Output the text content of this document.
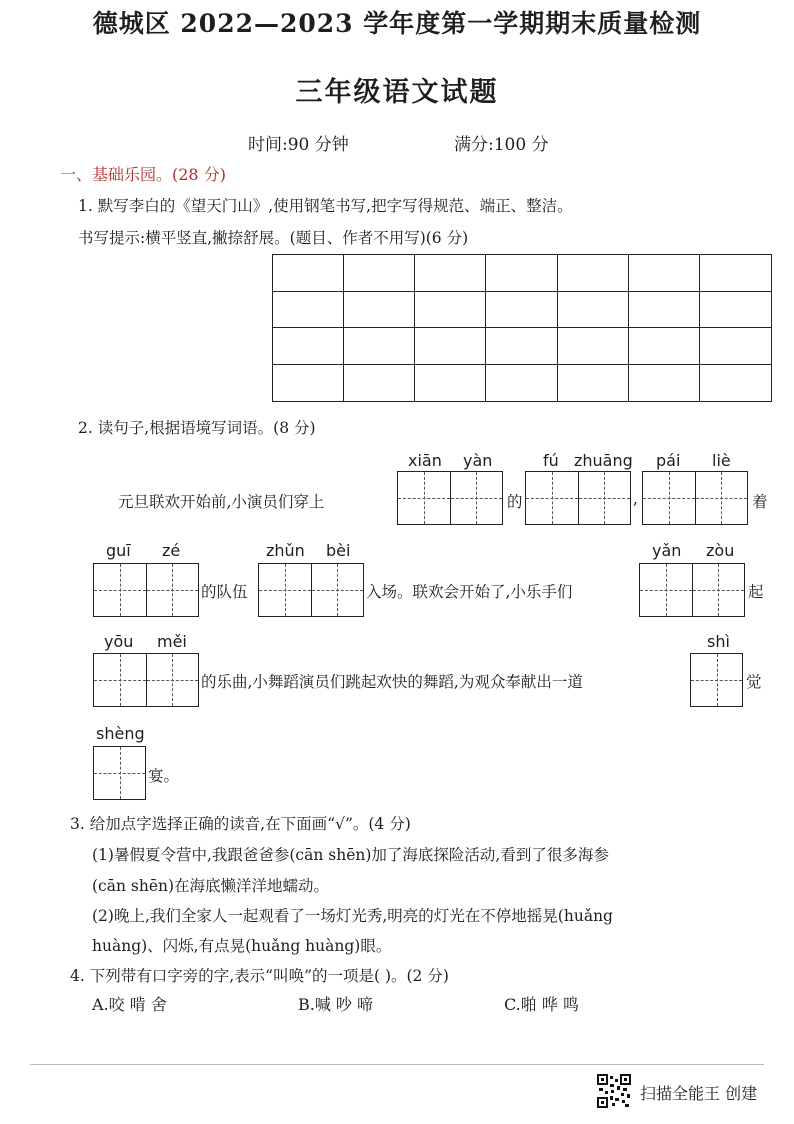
德城区 2022—2023 学年度第一学期期末质量检测
三年级语文试题
时间:90 分钟	满分:100 分
一、基础乐园。(28 分)
1. 默写李白的《望天门山》,使用钢笔书写,把字写得规范、端正、整洁。
书写提示:横平竖直,撇捺舒展。(题目、作者不用写)(6 分)
2. 读句子,根据语境写词语。(8 分)
xiān yàn	fú zhuāng pái liè
元旦联欢开始前,小演员们穿上	的	,	着
guī zé	zhǔn bèi	yǎn zòu
的队伍	入场。联欢会开始了,小乐手们	起
yōu měi	shì
的乐曲,小舞蹈演员们跳起欢快的舞蹈,为观众奉献出一道	觉
shèng
宴。
3. 给加点字选择正确的读音,在下面画“√”。(4 分)
(1)暑假夏令营中,我跟爸爸参(cān shēn)加了海底探险活动,看到了很多海参
(cān shēn)在海底懒洋洋地蠕动。
(2)晚上,我们全家人一起观看了一场灯光秀,明亮的灯光在不停地摇晃(huǎng
huàng)、闪烁,有点晃(huǎng huàng)眼。
4. 下列带有口字旁的字,表示“叫唤”的一项是( )。(2 分)
A.咬 啃 舍	B.喊 吵 啼	C.啪 哗 鸣
扫描全能王 创建
